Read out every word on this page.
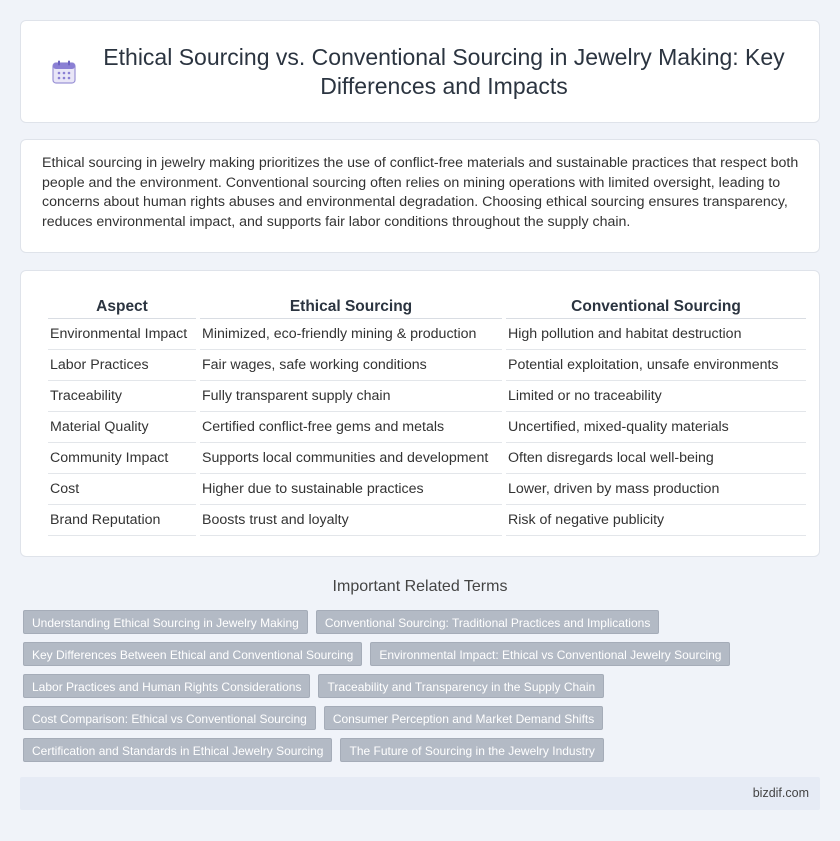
Ethical Sourcing vs. Conventional Sourcing in Jewelry Making: Key Differences and Impacts

Ethical sourcing in jewelry making prioritizes the use of conflict-free materials and sustainable practices that respect both people and the environment. Conventional sourcing often relies on mining operations with limited oversight, leading to concerns about human rights abuses and environmental degradation. Choosing ethical sourcing ensures transparency, reduces environmental impact, and supports fair labor conditions throughout the supply chain.

Aspect	Ethical Sourcing	Conventional Sourcing
Environmental Impact	Minimized, eco-friendly mining & production	High pollution and habitat destruction
Labor Practices	Fair wages, safe working conditions	Potential exploitation, unsafe environments
Traceability	Fully transparent supply chain	Limited or no traceability
Material Quality	Certified conflict-free gems and metals	Uncertified, mixed-quality materials
Community Impact	Supports local communities and development	Often disregards local well-being
Cost	Higher due to sustainable practices	Lower, driven by mass production
Brand Reputation	Boosts trust and loyalty	Risk of negative publicity
Important Related Terms
Understanding Ethical Sourcing in Jewelry Making	Conventional Sourcing: Traditional Practices and Implications
Key Differences Between Ethical and Conventional Sourcing	Environmental Impact: Ethical vs Conventional Jewelry Sourcing
Labor Practices and Human Rights Considerations	Traceability and Transparency in the Supply Chain
Cost Comparison: Ethical vs Conventional Sourcing	Consumer Perception and Market Demand Shifts
Certification and Standards in Ethical Jewelry Sourcing	The Future of Sourcing in the Jewelry Industry
bizdif.com
